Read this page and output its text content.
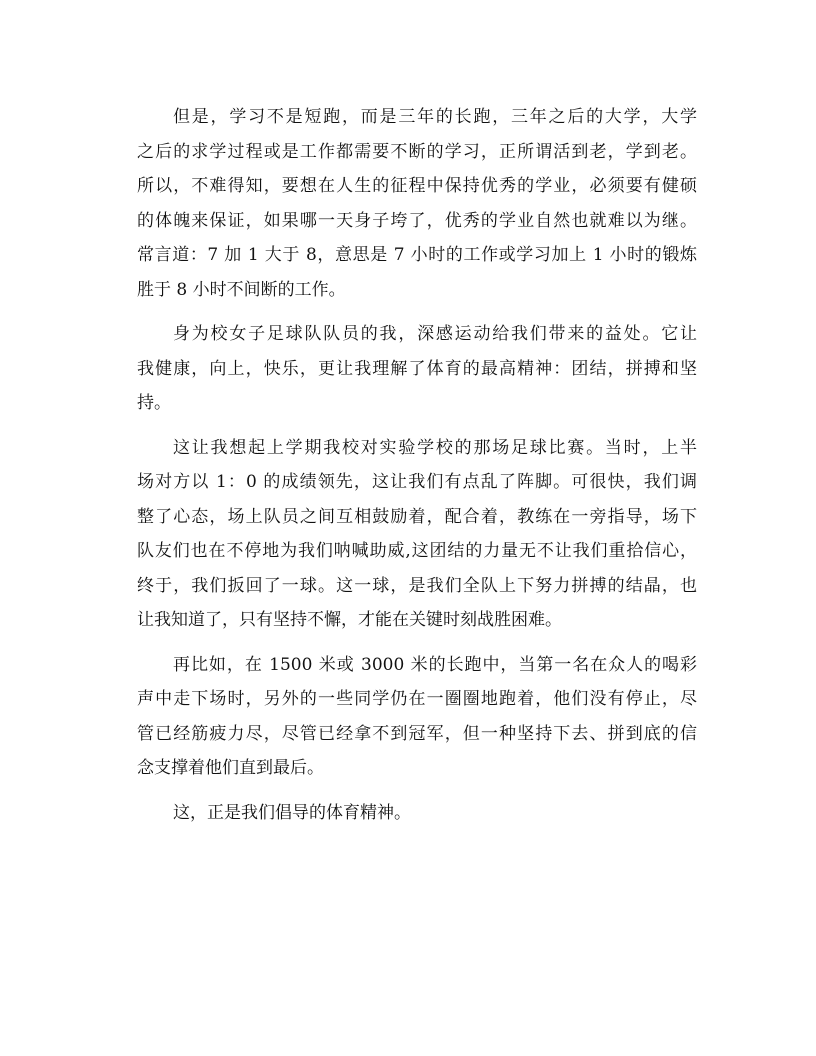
但是，学习不是短跑，而是三年的长跑，三年之后的大学，大学
之后的求学过程或是工作都需要不断的学习，正所谓活到老，学到老。
所以，不难得知，要想在人生的征程中保持优秀的学业，必须要有健硕
的体魄来保证，如果哪一天身子垮了，优秀的学业自然也就难以为继。
常言道：7 加 1 大于 8，意思是 7 小时的工作或学习加上 1 小时的锻炼
胜于 8 小时不间断的工作。
身为校女子足球队队员的我，深感运动给我们带来的益处。它让
我健康，向上，快乐，更让我理解了体育的最高精神：团结，拼搏和坚
持。
这让我想起上学期我校对实验学校的那场足球比赛。当时，上半
场对方以 1：0 的成绩领先，这让我们有点乱了阵脚。可很快，我们调
整了心态，场上队员之间互相鼓励着，配合着，教练在一旁指导，场下
队友们也在不停地为我们呐喊助威,这团结的力量无不让我们重拾信心，
终于，我们扳回了一球。这一球，是我们全队上下努力拼搏的结晶，也
让我知道了，只有坚持不懈，才能在关键时刻战胜困难。
再比如，在 1500 米或 3000 米的长跑中，当第一名在众人的喝彩
声中走下场时，另外的一些同学仍在一圈圈地跑着，他们没有停止，尽
管已经筋疲力尽，尽管已经拿不到冠军，但一种坚持下去、拼到底的信
念支撑着他们直到最后。
这，正是我们倡导的体育精神。
